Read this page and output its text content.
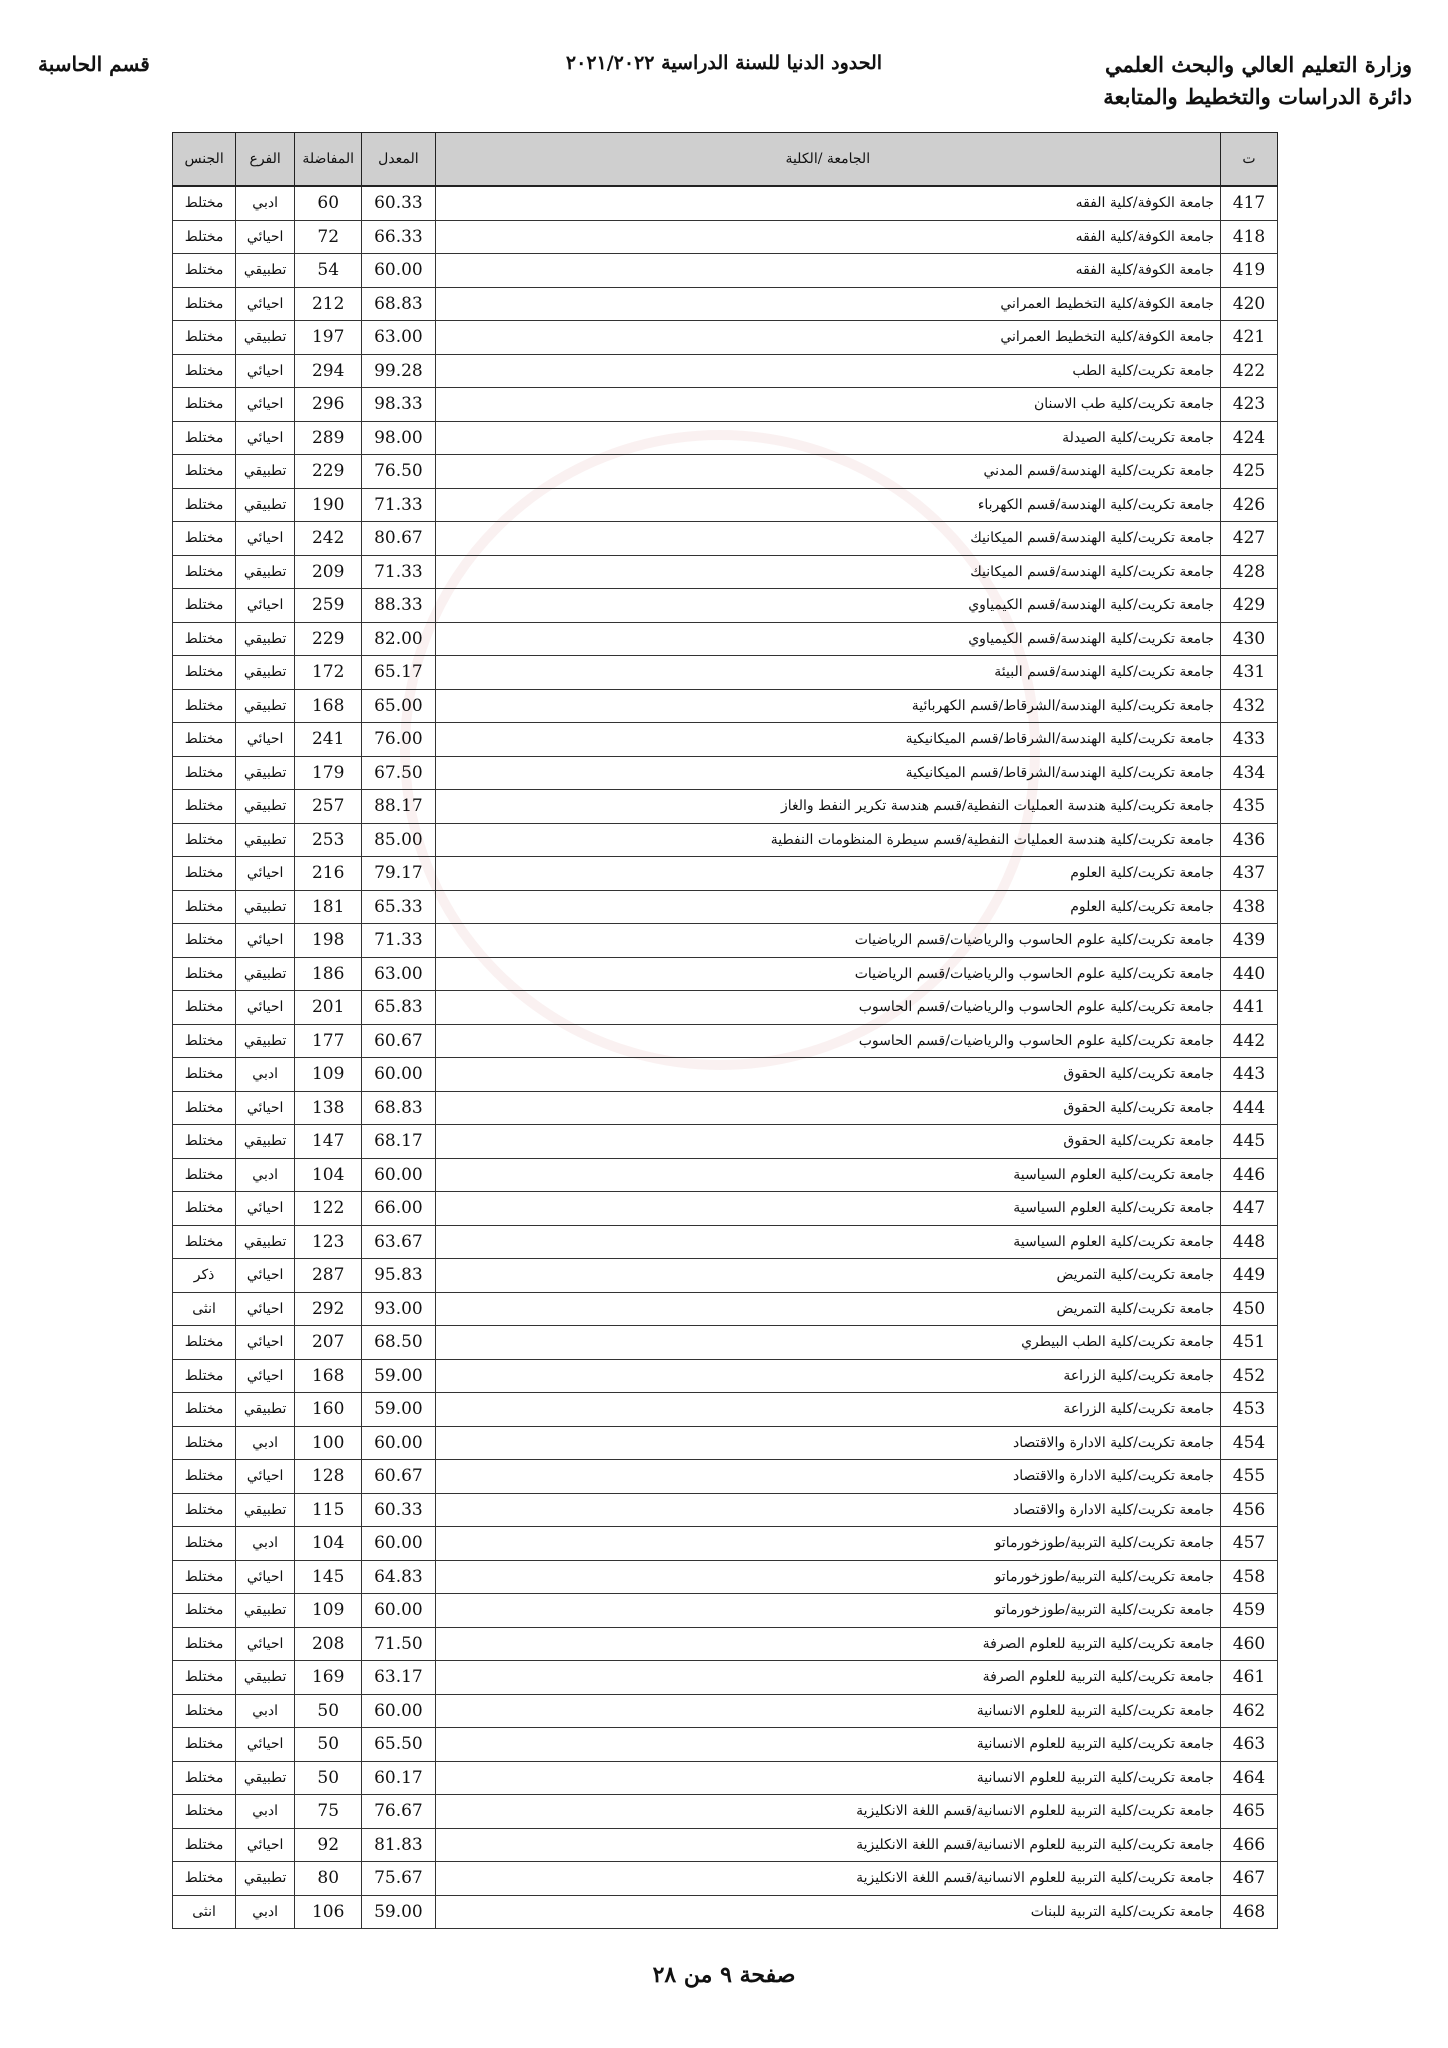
وزارة التعليم العالي والبحث العلمي
دائرة الدراسات والتخطيط والمتابعة
الحدود الدنيا للسنة الدراسية ٢٠٢١/٢٠٢٢
قسم الحاسبة
ت	الجامعة /الكلية	المعدل	المفاضلة	الفرع	الجنس
417	جامعة الكوفة/كلية الفقه	60.33	60	ادبي	مختلط
418	جامعة الكوفة/كلية الفقه	66.33	72	احيائي	مختلط
419	جامعة الكوفة/كلية الفقه	60.00	54	تطبيقي	مختلط
420	جامعة الكوفة/كلية التخطيط العمراني	68.83	212	احيائي	مختلط
421	جامعة الكوفة/كلية التخطيط العمراني	63.00	197	تطبيقي	مختلط
422	جامعة تكريت/كلية الطب	99.28	294	احيائي	مختلط
423	جامعة تكريت/كلية طب الاسنان	98.33	296	احيائي	مختلط
424	جامعة تكريت/كلية الصيدلة	98.00	289	احيائي	مختلط
425	جامعة تكريت/كلية الهندسة/قسم المدني	76.50	229	تطبيقي	مختلط
426	جامعة تكريت/كلية الهندسة/قسم الكهرباء	71.33	190	تطبيقي	مختلط
427	جامعة تكريت/كلية الهندسة/قسم الميكانيك	80.67	242	احيائي	مختلط
428	جامعة تكريت/كلية الهندسة/قسم الميكانيك	71.33	209	تطبيقي	مختلط
429	جامعة تكريت/كلية الهندسة/قسم الكيمياوي	88.33	259	احيائي	مختلط
430	جامعة تكريت/كلية الهندسة/قسم الكيمياوي	82.00	229	تطبيقي	مختلط
431	جامعة تكريت/كلية الهندسة/قسم البيئة	65.17	172	تطبيقي	مختلط
432	جامعة تكريت/كلية الهندسة/الشرقاط/قسم الكهربائية	65.00	168	تطبيقي	مختلط
433	جامعة تكريت/كلية الهندسة/الشرقاط/قسم الميكانيكية	76.00	241	احيائي	مختلط
434	جامعة تكريت/كلية الهندسة/الشرقاط/قسم الميكانيكية	67.50	179	تطبيقي	مختلط
435	جامعة تكريت/كلية هندسة العمليات النفطية/قسم هندسة تكرير النفط والغاز	88.17	257	تطبيقي	مختلط
436	جامعة تكريت/كلية هندسة العمليات النفطية/قسم سيطرة المنظومات النفطية	85.00	253	تطبيقي	مختلط
437	جامعة تكريت/كلية العلوم	79.17	216	احيائي	مختلط
438	جامعة تكريت/كلية العلوم	65.33	181	تطبيقي	مختلط
439	جامعة تكريت/كلية علوم الحاسوب والرياضيات/قسم الرياضيات	71.33	198	احيائي	مختلط
440	جامعة تكريت/كلية علوم الحاسوب والرياضيات/قسم الرياضيات	63.00	186	تطبيقي	مختلط
441	جامعة تكريت/كلية علوم الحاسوب والرياضيات/قسم الحاسوب	65.83	201	احيائي	مختلط
442	جامعة تكريت/كلية علوم الحاسوب والرياضيات/قسم الحاسوب	60.67	177	تطبيقي	مختلط
443	جامعة تكريت/كلية الحقوق	60.00	109	ادبي	مختلط
444	جامعة تكريت/كلية الحقوق	68.83	138	احيائي	مختلط
445	جامعة تكريت/كلية الحقوق	68.17	147	تطبيقي	مختلط
446	جامعة تكريت/كلية العلوم السياسية	60.00	104	ادبي	مختلط
447	جامعة تكريت/كلية العلوم السياسية	66.00	122	احيائي	مختلط
448	جامعة تكريت/كلية العلوم السياسية	63.67	123	تطبيقي	مختلط
449	جامعة تكريت/كلية التمريض	95.83	287	احيائي	ذكر
450	جامعة تكريت/كلية التمريض	93.00	292	احيائي	انثى
451	جامعة تكريت/كلية الطب البيطري	68.50	207	احيائي	مختلط
452	جامعة تكريت/كلية الزراعة	59.00	168	احيائي	مختلط
453	جامعة تكريت/كلية الزراعة	59.00	160	تطبيقي	مختلط
454	جامعة تكريت/كلية الادارة والاقتصاد	60.00	100	ادبي	مختلط
455	جامعة تكريت/كلية الادارة والاقتصاد	60.67	128	احيائي	مختلط
456	جامعة تكريت/كلية الادارة والاقتصاد	60.33	115	تطبيقي	مختلط
457	جامعة تكريت/كلية التربية/طوزخورماتو	60.00	104	ادبي	مختلط
458	جامعة تكريت/كلية التربية/طوزخورماتو	64.83	145	احيائي	مختلط
459	جامعة تكريت/كلية التربية/طوزخورماتو	60.00	109	تطبيقي	مختلط
460	جامعة تكريت/كلية التربية للعلوم الصرفة	71.50	208	احيائي	مختلط
461	جامعة تكريت/كلية التربية للعلوم الصرفة	63.17	169	تطبيقي	مختلط
462	جامعة تكريت/كلية التربية للعلوم الانسانية	60.00	50	ادبي	مختلط
463	جامعة تكريت/كلية التربية للعلوم الانسانية	65.50	50	احيائي	مختلط
464	جامعة تكريت/كلية التربية للعلوم الانسانية	60.17	50	تطبيقي	مختلط
465	جامعة تكريت/كلية التربية للعلوم الانسانية/قسم اللغة الانكليزية	76.67	75	ادبي	مختلط
466	جامعة تكريت/كلية التربية للعلوم الانسانية/قسم اللغة الانكليزية	81.83	92	احيائي	مختلط
467	جامعة تكريت/كلية التربية للعلوم الانسانية/قسم اللغة الانكليزية	75.67	80	تطبيقي	مختلط
468	جامعة تكريت/كلية التربية للبنات	59.00	106	ادبي	انثى
صفحة ٩ من ٢٨
